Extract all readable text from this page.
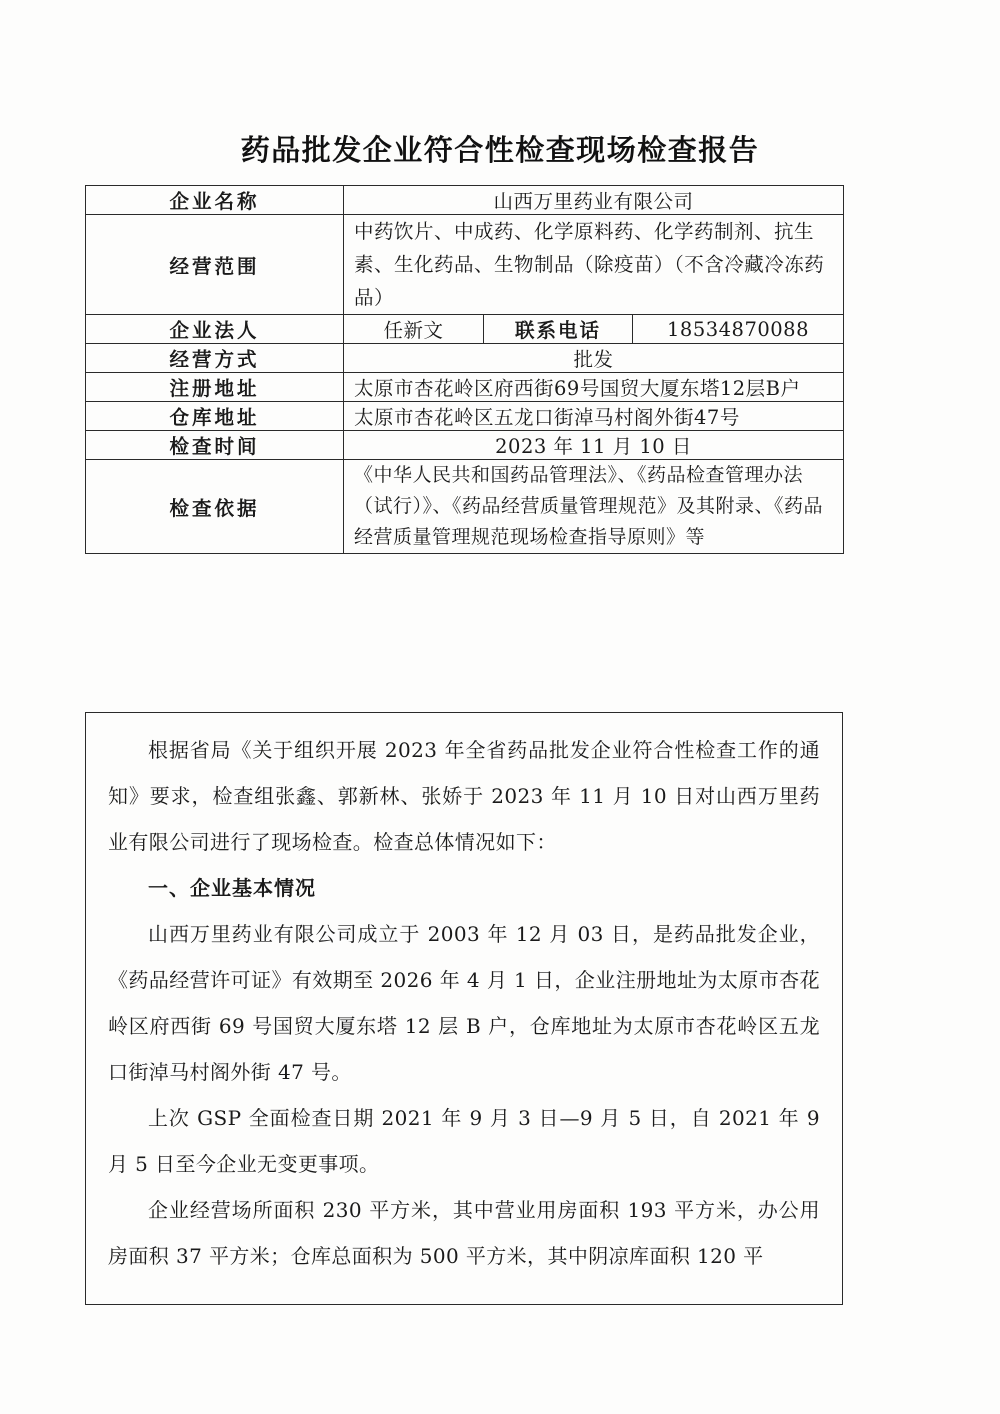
药品批发企业符合性检查现场检查报告
企业名称	山西万里药业有限公司		
经营范围	中药饮片、中成药、化学原料药、化学药制剂、抗生素、生化药品、生物制品（除疫苗）（不含冷藏冷冻药品）		
企业法人	任新文	联系电话	18534870088
经营方式	批发		
注册地址	太原市杏花岭区府西街69号国贸大厦东塔12层B户		
仓库地址	太原市杏花岭区五龙口街淖马村阁外街47号		
检查时间	2023 年 11 月 10 日		
检查依据	《中华人民共和国药品管理法》、《药品检查管理办法（试行）》、《药品经营质量管理规范》及其附录、《药品经营质量管理规范现场检查指导原则》等		

根据省局《关于组织开展 2023 年全省药品批发企业符合性检查工作的通知》要求，检查组张鑫、郭新林、张娇于 2023 年 11 月 10 日对山西万里药业有限公司进行了现场检查。检查总体情况如下：

一、企业基本情况

山西万里药业有限公司成立于 2003 年 12 月 03 日，是药品批发企业，《药品经营许可证》有效期至 2026 年 4 月 1 日，企业注册地址为太原市杏花岭区府西街 69 号国贸大厦东塔 12 层 B 户，仓库地址为太原市杏花岭区五龙口街淖马村阁外街 47 号。

上次 GSP 全面检查日期 2021 年 9 月 3 日—9 月 5 日，自 2021 年 9 月 5 日至今企业无变更事项。

企业经营场所面积 230 平方米，其中营业用房面积 193 平方米，办公用房面积 37 平方米；仓库总面积为 500 平方米，其中阴凉库面积 120 平
